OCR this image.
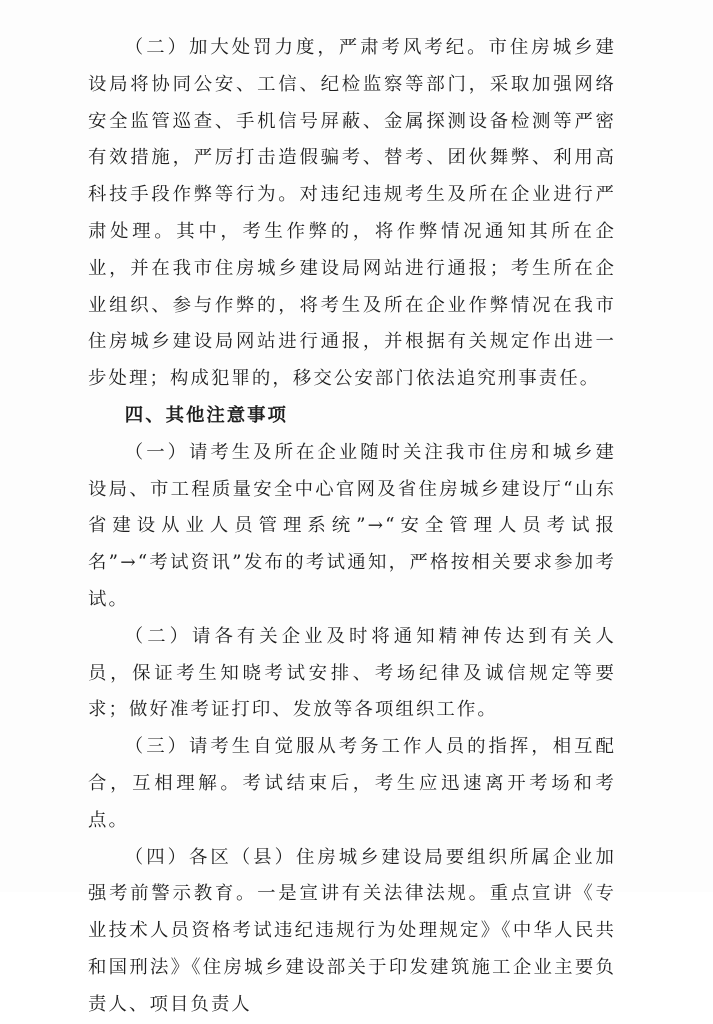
（二）加大处罚力度，严肃考风考纪。市住房城乡建设局将协同公安、工信、纪检监察等部门，采取加强网络安全监管巡查、手机信号屏蔽、金属探测设备检测等严密有效措施，严厉打击造假骗考、替考、团伙舞弊、利用高科技手段作弊等行为。对违纪违规考生及所在企业进行严肃处理。其中，考生作弊的，将作弊情况通知其所在企业，并在我市住房城乡建设局网站进行通报；考生所在企业组织、参与作弊的，将考生及所在企业作弊情况在我市住房城乡建设局网站进行通报，并根据有关规定作出进一步处理；构成犯罪的，移交公安部门依法追究刑事责任。

四、其他注意事项

（一）请考生及所在企业随时关注我市住房和城乡建设局、市工程质量安全中心官网及省住房城乡建设厅“山东省建设从业人员管理系统”→“安全管理人员考试报名”→“考试资讯”发布的考试通知，严格按相关要求参加考试。

（二）请各有关企业及时将通知精神传达到有关人员，保证考生知晓考试安排、考场纪律及诚信规定等要求；做好准考证打印、发放等各项组织工作。

（三）请考生自觉服从考务工作人员的指挥，相互配合，互相理解。考试结束后，考生应迅速离开考场和考点。

（四）各区（县）住房城乡建设局要组织所属企业加强考前警示教育。一是宣讲有关法律法规。重点宣讲《专业技术人员资格考试违纪违规行为处理规定》《中华人民共和国刑法》《住房城乡建设部关于印发建筑施工企业主要负责人、项目负责人
